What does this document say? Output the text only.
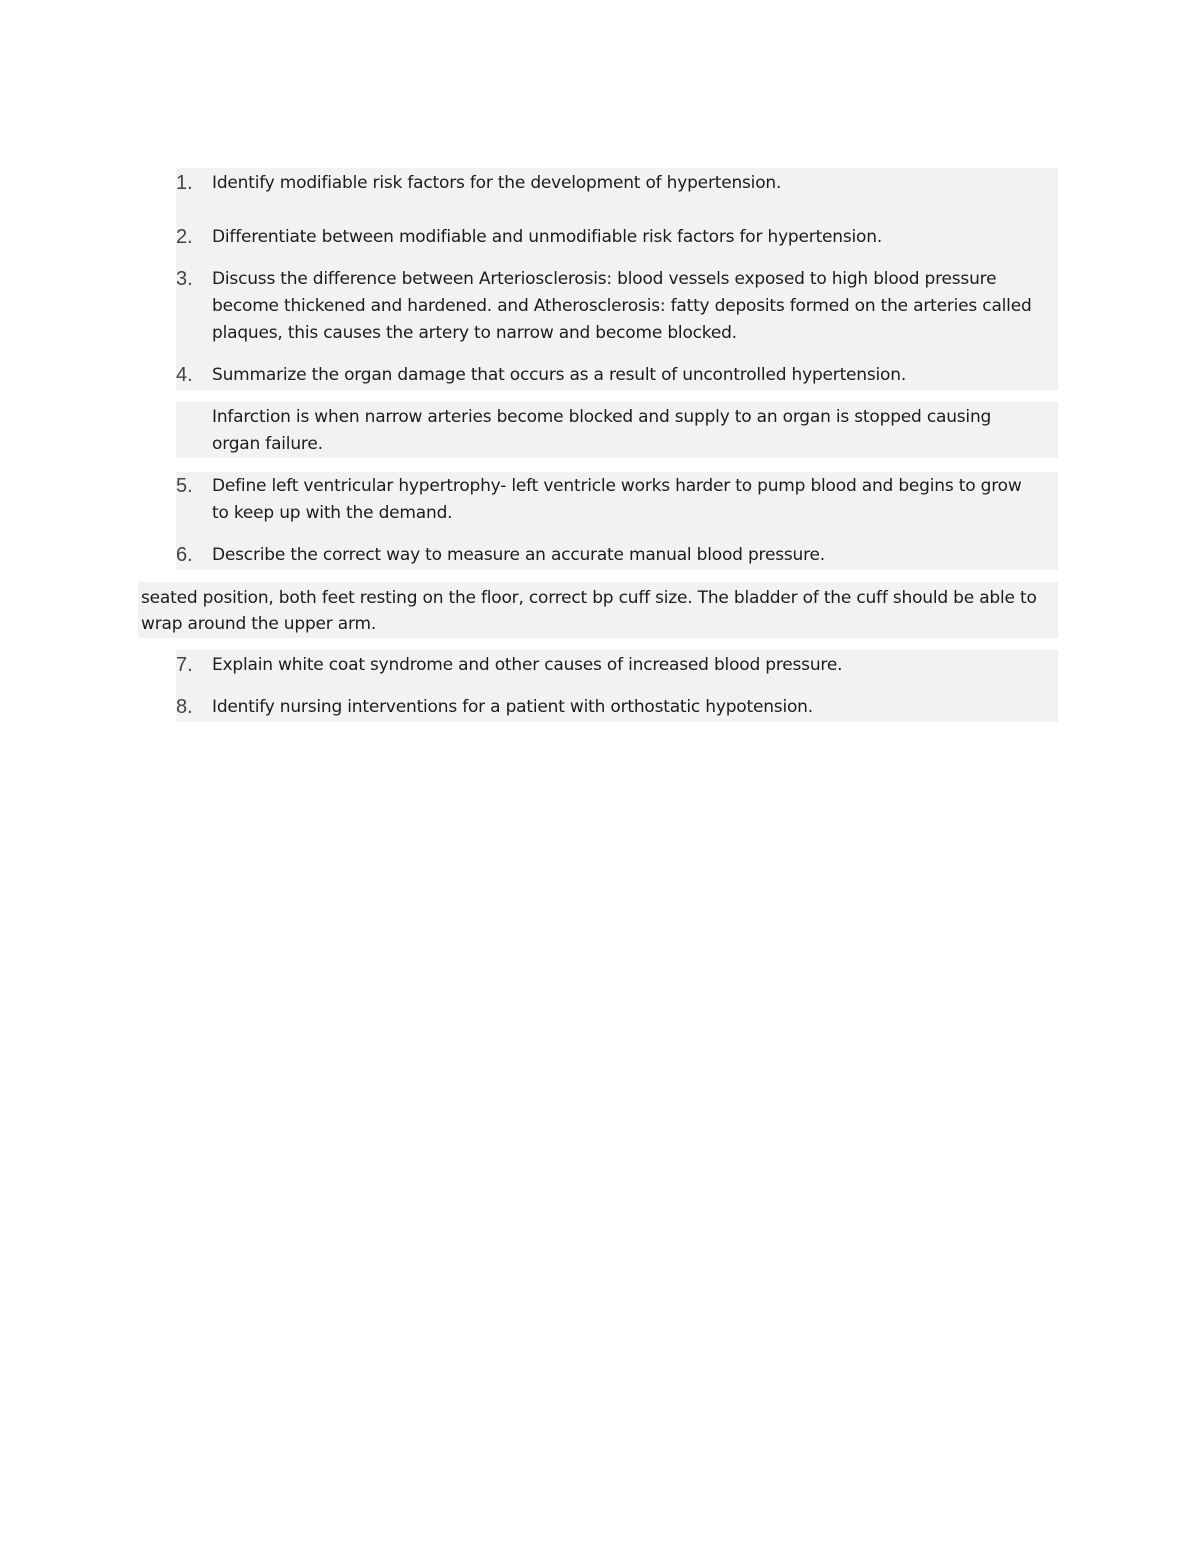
1.	Identify modifiable risk factors for the development of hypertension.
2.	Differentiate between modifiable and unmodifiable risk factors for hypertension.
3.	Discuss the difference between Arteriosclerosis: blood vessels exposed to high blood pressure become thickened and hardened. and Atherosclerosis: fatty deposits formed on the arteries called plaques, this causes the artery to narrow and become blocked.
4.	Summarize the organ damage that occurs as a result of uncontrolled hypertension.
Infarction is when narrow arteries become blocked and supply to an organ is stopped causing organ failure.
5.	Define left ventricular hypertrophy- left ventricle works harder to pump blood and begins to grow to keep up with the demand.
6.	Describe the correct way to measure an accurate manual blood pressure.
seated position, both feet resting on the floor, correct bp cuff size. The bladder of the cuff should be able to wrap around the upper arm.
7.	Explain white coat syndrome and other causes of increased blood pressure.
8.	Identify nursing interventions for a patient with orthostatic hypotension.
